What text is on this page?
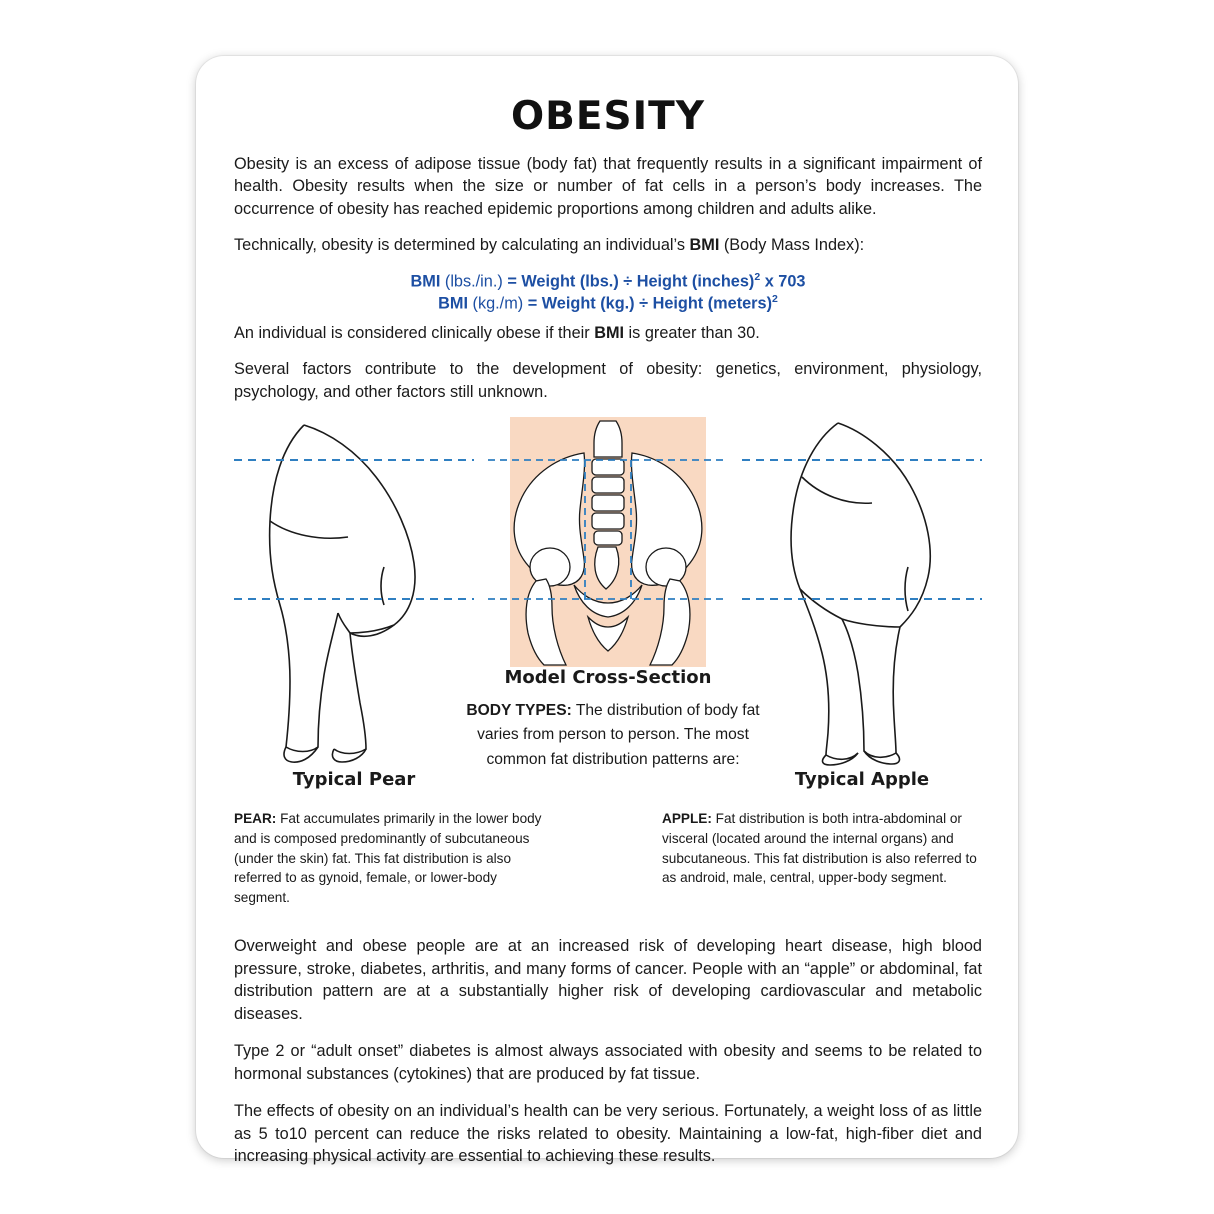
OBESITY

Obesity is an excess of adipose tissue (body fat) that frequently results in a significant impairment of health. Obesity results when the size or number of fat cells in a person’s body increases. The occurrence of obesity has reached epidemic proportions among children and adults alike.

Technically, obesity is determined by calculating an individual’s BMI (Body Mass Index):

BMI (lbs./in.) = Weight (lbs.) ÷ Height (inches)$^2$ x 703
BMI (kg./m) = Weight (kg.) ÷ Height (meters)$^2$

An individual is considered clinically obese if their BMI is greater than 30.

Several factors contribute to the development of obesity: genetics, environment, physiology, psychology, and other factors still unknown.

Model Cross-Section
BODY TYPES: The distribution of body fat varies from person to person. The most common fat distribution patterns are:
Typical Pear	Typical Apple
PEAR: Fat accumulates primarily in the lower body and is composed predominantly of subcutaneous (under the skin) fat. This fat distribution is also referred to as gynoid, female, or lower-body segment.
APPLE: Fat distribution is both intra-abdominal or visceral (located around the internal organs) and subcutaneous. This fat distribution is also referred to as android, male, central, upper-body segment.

Overweight and obese people are at an increased risk of developing heart disease, high blood pressure, stroke, diabetes, arthritis, and many forms of cancer. People with an “apple” or abdominal, fat distribution pattern are at a substantially higher risk of developing cardiovascular and metabolic diseases.

Type 2 or “adult onset” diabetes is almost always associated with obesity and seems to be related to hormonal substances (cytokines) that are produced by fat tissue.

The effects of obesity on an individual’s health can be very serious. Fortunately, a weight loss of as little as 5 to10 percent can reduce the risks related to obesity. Maintaining a low-fat, high-fiber diet and increasing physical activity are essential to achieving these results.
